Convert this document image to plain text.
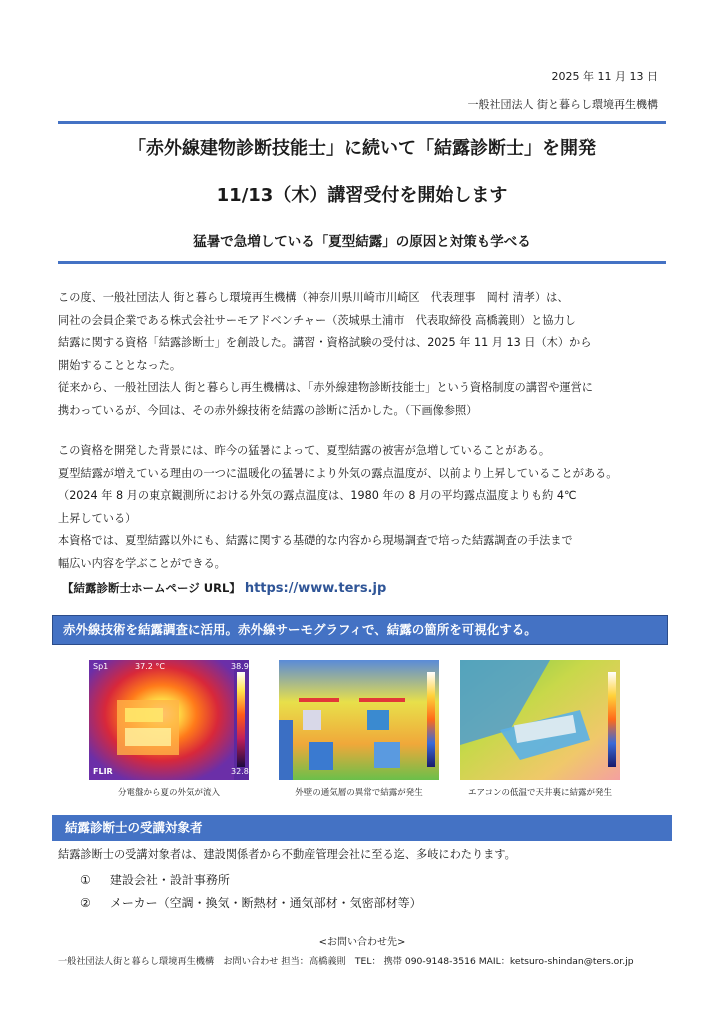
2025 年 11 月 13 日
一般社団法人 街と暮らし環境再生機構
「赤外線建物診断技能士」に続いて「結露診断士」を開発
11/13（木）講習受付を開始します
猛暑で急増している「夏型結露」の原因と対策も学べる

この度、一般社団法人 街と暮らし環境再生機構（神奈川県川崎市川崎区　代表理事　岡村 清孝）は、

同社の会員企業である株式会社サーモアドベンチャー（茨城県土浦市　代表取締役 高橋義則）と協力し

結露に関する資格「結露診断士」を創設した。講習・資格試験の受付は、2025 年 11 月 13 日（木）から

開始することとなった。

従来から、一般社団法人 街と暮らし再生機構は、「赤外線建物診断技能士」という資格制度の講習や運営に

携わっているが、今回は、その赤外線技術を結露の診断に活かした。（下画像参照）

この資格を開発した背景には、昨今の猛暑によって、夏型結露の被害が急増していることがある。

夏型結露が増えている理由の一つに温暖化の猛暑により外気の露点温度が、以前より上昇していることがある。

（2024 年 8 月の東京観測所における外気の露点温度は、1980 年の 8 月の平均露点温度よりも約 4℃

上昇している）

本資格では、夏型結露以外にも、結露に関する基礎的な内容から現場調査で培った結露調査の手法まで

幅広い内容を学ぶことができる。

【結露診断士ホームページ URL】 https://www.ters.jp
赤外線技術を結露調査に活用。赤外線サーモグラフィで、結露の箇所を可視化する。
Sp1	37.2 °C	38.9
32.8
FLIR
分電盤から夏の外気が流入	外壁の通気層の異常で結露が発生	エアコンの低温で天井裏に結露が発生
結露診断士の受講対象者
結露診断士の受講対象者は、建設関係者から不動産管理会社に至る迄、多岐にわたります。
① 建設会社・設計事務所
② メーカー（空調・換気・断熱材・通気部材・気密部材等）
<お問い合わせ先>
一般社団法人街と暮らし環境再生機構　お問い合わせ 担当：高橋義則　TEL： 携帯 090-9148-3516 MAIL：ketsuro-shindan@ters.or.jp
